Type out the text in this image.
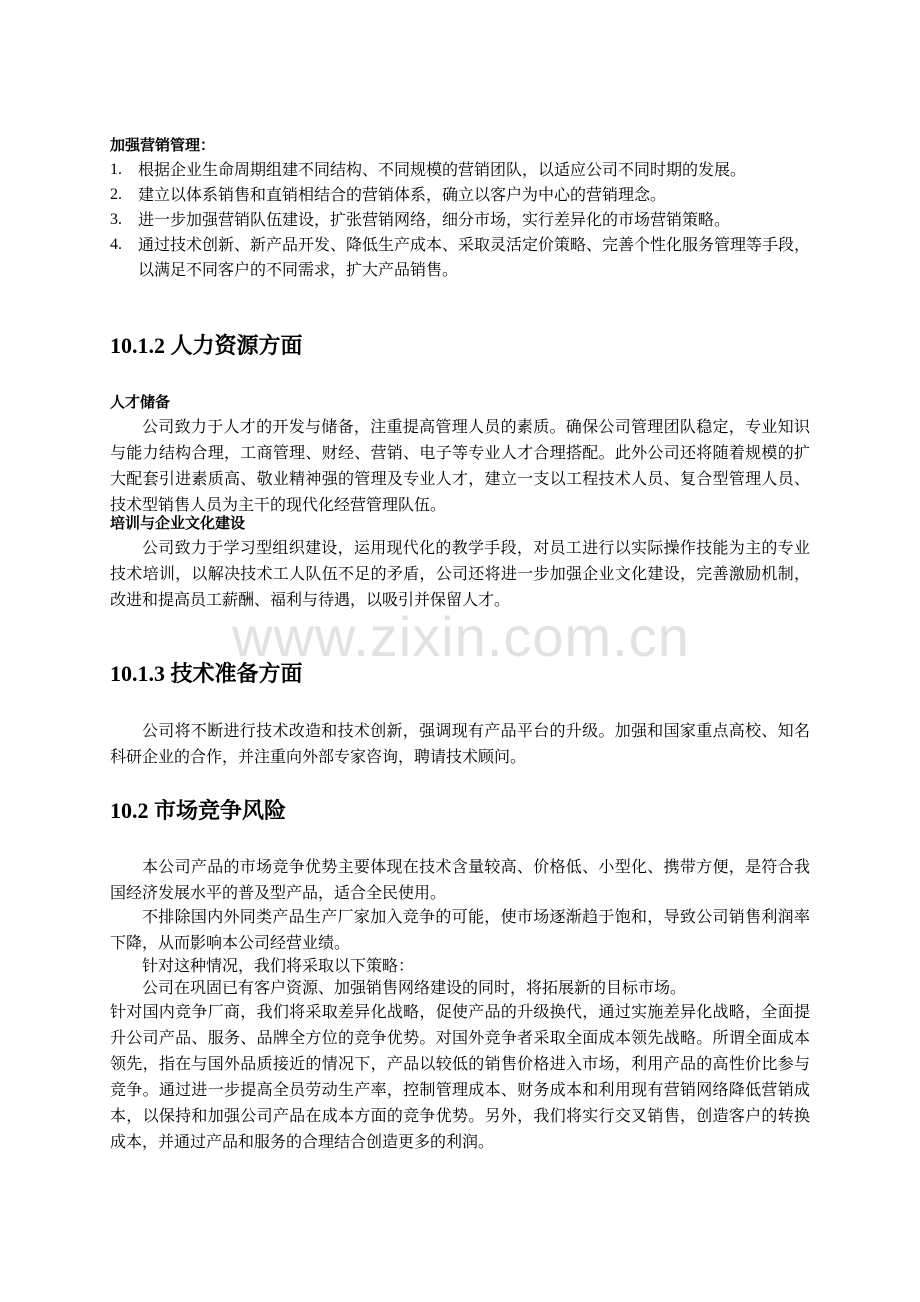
加强营销管理：
1. 根据企业生命周期组建不同结构、不同规模的营销团队，以适应公司不同时期的发展。
2. 建立以体系销售和直销相结合的营销体系，确立以客户为中心的营销理念。
3. 进一步加强营销队伍建设，扩张营销网络，细分市场，实行差异化的市场营销策略。
4. 通过技术创新、新产品开发、降低生产成本、采取灵活定价策略、完善个性化服务管理等手段，以满足不同客户的不同需求，扩大产品销售。
10.1.2 人力资源方面
人才储备

公司致力于人才的开发与储备，注重提高管理人员的素质。确保公司管理团队稳定，专业知识与能力结构合理，工商管理、财经、营销、电子等专业人才合理搭配。此外公司还将随着规模的扩大配套引进素质高、敬业精神强的管理及专业人才，建立一支以工程技术人员、复合型管理人员、技术型销售人员为主干的现代化经营管理队伍。

培训与企业文化建设

公司致力于学习型组织建设，运用现代化的教学手段，对员工进行以实际操作技能为主的专业技术培训，以解决技术工人队伍不足的矛盾，公司还将进一步加强企业文化建设，完善激励机制，改进和提高员工薪酬、福利与待遇，以吸引并保留人才。

www.zixin.com.cn
10.1.3 技术准备方面

公司将不断进行技术改造和技术创新，强调现有产品平台的升级。加强和国家重点高校、知名科研企业的合作，并注重向外部专家咨询，聘请技术顾问。

10.2 市场竞争风险

本公司产品的市场竞争优势主要体现在技术含量较高、价格低、小型化、携带方便，是符合我国经济发展水平的普及型产品，适合全民使用。

不排除国内外同类产品生产厂家加入竞争的可能，使市场逐渐趋于饱和，导致公司销售利润率下降，从而影响本公司经营业绩。

针对这种情况，我们将采取以下策略：

公司在巩固已有客户资源、加强销售网络建设的同时，将拓展新的目标市场。

针对国内竞争厂商，我们将采取差异化战略，促使产品的升级换代，通过实施差异化战略，全面提升公司产品、服务、品牌全方位的竞争优势。对国外竞争者采取全面成本领先战略。所谓全面成本领先，指在与国外品质接近的情况下，产品以较低的销售价格进入市场，利用产品的高性价比参与竞争。通过进一步提高全员劳动生产率，控制管理成本、财务成本和利用现有营销网络降低营销成本，以保持和加强公司产品在成本方面的竞争优势。另外，我们将实行交叉销售，创造客户的转换成本，并通过产品和服务的合理结合创造更多的利润。
